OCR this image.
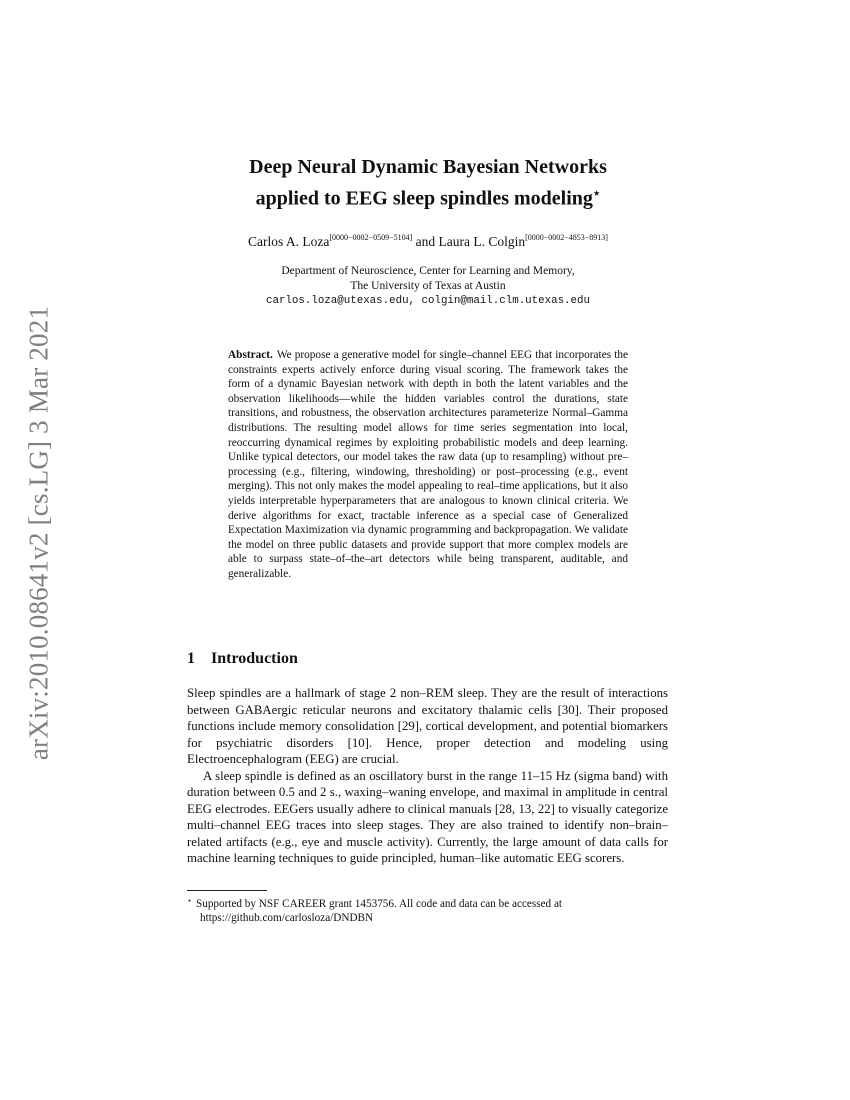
arXiv:2010.08641v2 [cs.LG] 3 Mar 2021
Deep Neural Dynamic Bayesian Networks
applied to EEG sleep spindles modeling⋆
Carlos A. Loza[0000−0002−0509−5104] and Laura L. Colgin[0000−0002−4853−8913]
Department of Neuroscience, Center for Learning and Memory,
The University of Texas at Austin
carlos.loza@utexas.edu, colgin@mail.clm.utexas.edu
Abstract. We propose a generative model for single–channel EEG that incorporates the constraints experts actively enforce during visual scoring. The framework takes the form of a dynamic Bayesian network with depth in both the latent variables and the observation likelihoods—while the hidden variables control the durations, state transitions, and robustness, the observation architectures parameterize Normal–Gamma distributions. The resulting model allows for time series segmentation into local, reoccurring dynamical regimes by exploiting probabilistic models and deep learning. Unlike typical detectors, our model takes the raw data (up to resampling) without pre–processing (e.g., filtering, windowing, thresholding) or post–processing (e.g., event merging). This not only makes the model appealing to real–time applications, but it also yields interpretable hyperparameters that are analogous to known clinical criteria. We derive algorithms for exact, tractable inference as a special case of Generalized Expectation Maximization via dynamic programming and backpropagation. We validate the model on three public datasets and provide support that more complex models are able to surpass state–of–the–art detectors while being transparent, auditable, and generalizable.
1 Introduction

Sleep spindles are a hallmark of stage 2 non–REM sleep. They are the result of interactions between GABAergic reticular neurons and excitatory thalamic cells [30]. Their proposed functions include memory consolidation [29], cortical development, and potential biomarkers for psychiatric disorders [10]. Hence, proper detection and modeling using Electroencephalogram (EEG) are crucial.

A sleep spindle is defined as an oscillatory burst in the range 11–15 Hz (sigma band) with duration between 0.5 and 2 s., waxing–waning envelope, and maximal in amplitude in central EEG electrodes. EEGers usually adhere to clinical manuals [28, 13, 22] to visually categorize multi–channel EEG traces into sleep stages. They are also trained to identify non–brain–related artifacts (e.g., eye and muscle activity). Currently, the large amount of data calls for machine learning techniques to guide principled, human–like automatic EEG scorers.

⋆ Supported by NSF CAREER grant 1453756. All code and data can be accessed at
https://github.com/carlosloza/DNDBN
